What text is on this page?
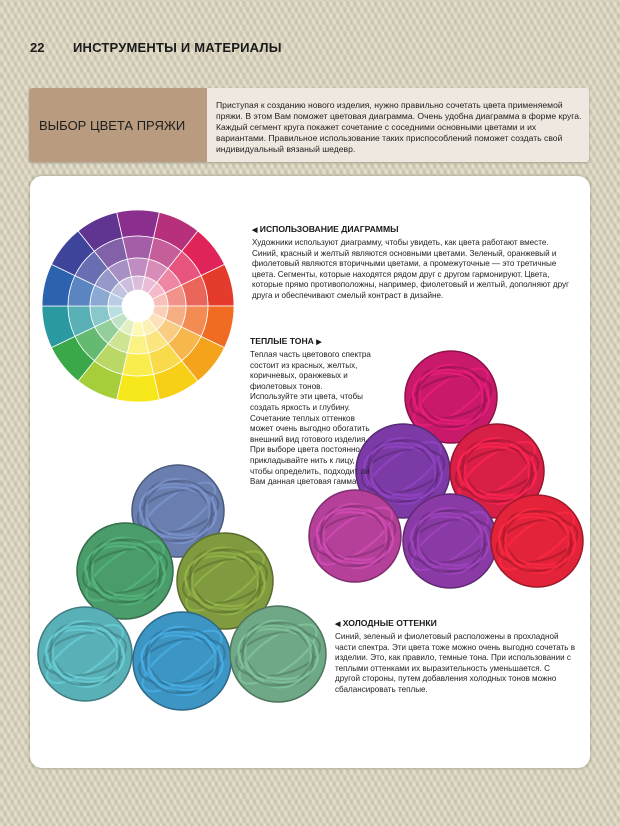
22 ИНСТРУМЕНТЫ И МАТЕРИАЛЫ
ВЫБОР ЦВЕТА ПРЯЖИ
Приступая к созданию нового изделия, нужно правильно сочетать цвета применяемой пряжи. В этом Вам поможет цветовая диаграмма. Очень удобна диаграмма в форме круга. Каждый сегмент круга покажет сочетание с соседними основными цветами и их вариантами. Правильное использование таких приспособлений поможет создать свой индивидуальный вязаный шедевр.
◀ ИСПОЛЬЗОВАНИЕ ДИАГРАММЫ
Художники используют диаграмму, чтобы увидеть, как цвета работают вместе. Синий, красный и желтый являются основными цветами. Зеленый, оранжевый и фиолетовый являются вторичными цветами, а промежуточные — это третичные цвета. Сегменты, которые находятся рядом друг с другом гармонируют. Цвета, которые прямо противоположны, например, фиолетовый и желтый, дополняют друг друга и обеспечивают смелый контраст в дизайне.
ТЕПЛЫЕ ТОНА ▶
Теплая часть цветового спектра состоит из красных, желтых, коричневых, оранжевых и фиолетовых тонов. Используйте эти цвета, чтобы создать яркость и глубину. Сочетание теплых оттенков может очень выгодно обогатить внешний вид готового изделия. При выборе цвета постоянно прикладывайте нить к лицу, чтобы определить, подходит ли Вам данная цветовая гамма.
◀ ХОЛОДНЫЕ ОТТЕНКИ
Синий, зеленый и фиолетовый расположены в прохладной части спектра. Эти цвета тоже можно очень выгодно сочетать в изделии. Это, как правило, темные тона. При использовании с теплыми оттенками их выразительность уменьшается. С другой стороны, путем добавления холодных тонов можно сбалансировать теплые.
